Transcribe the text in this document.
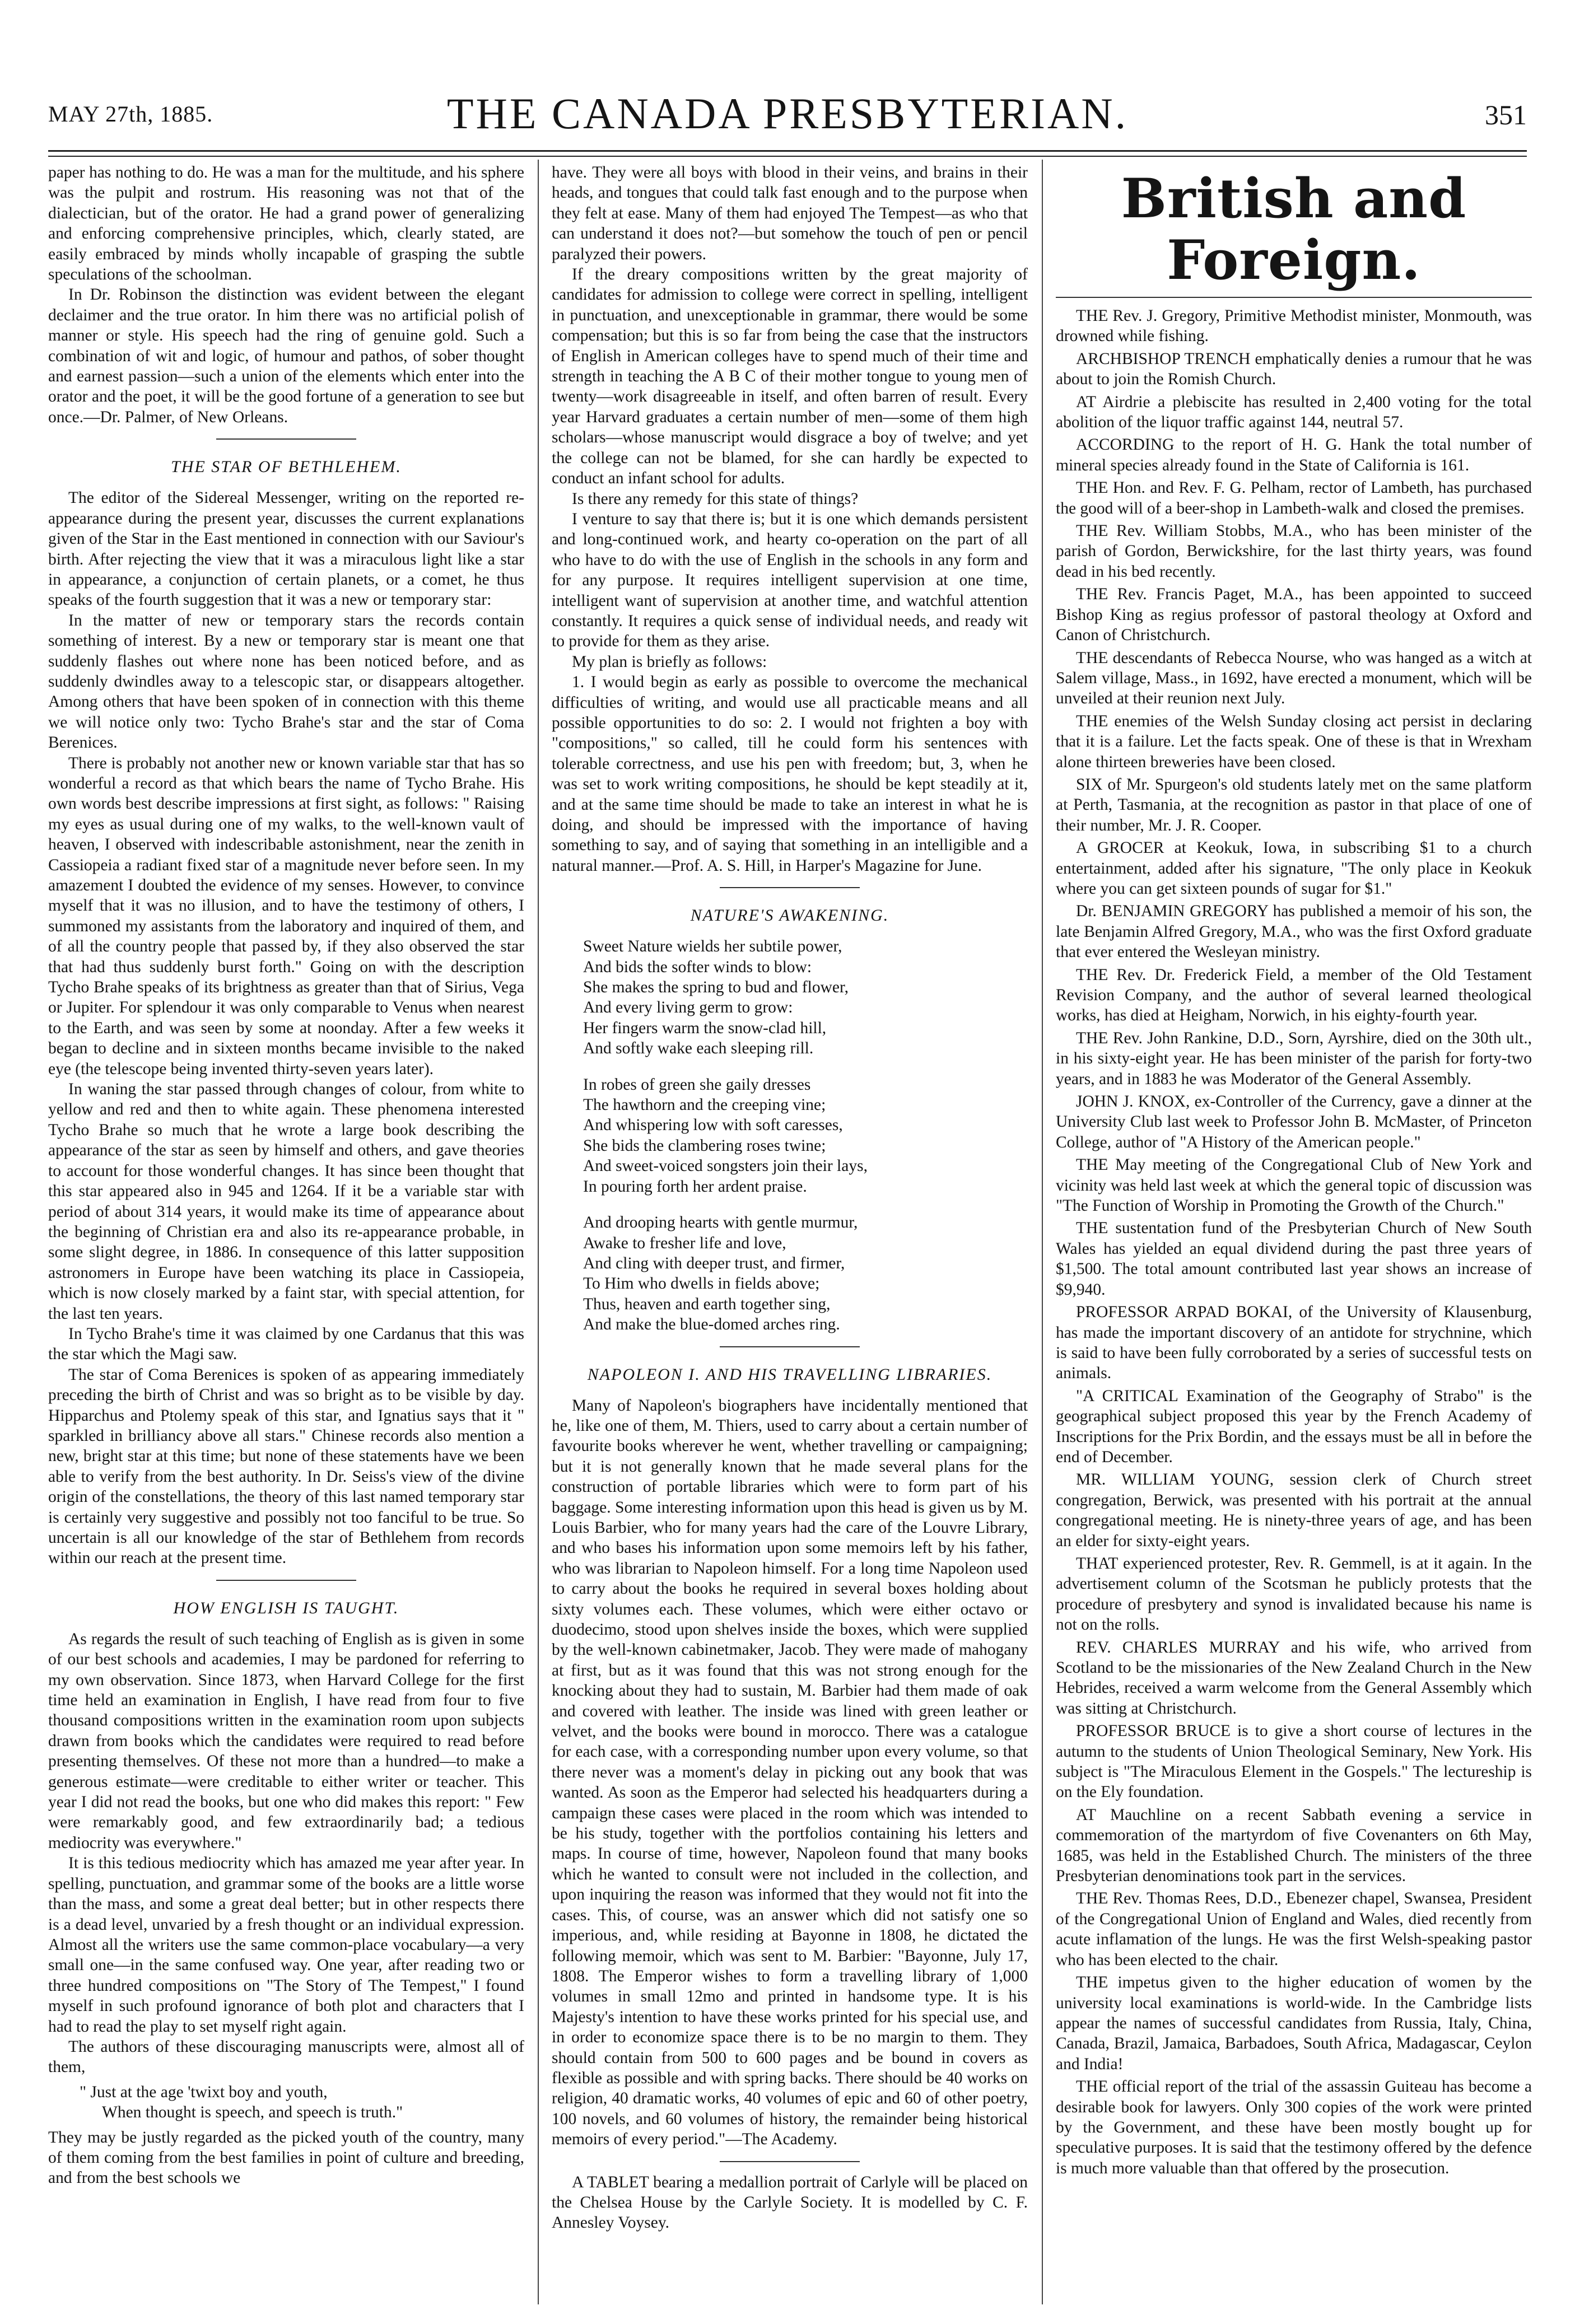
MAY 27th, 1885.	THE CANADA PRESBYTERIAN.	351

paper has nothing to do. He was a man for the multitude, and his sphere was the pulpit and rostrum. His reasoning was not that of the dialectician, but of the orator. He had a grand power of generalizing and enforcing comprehensive principles, which, clearly stated, are easily embraced by minds wholly incapable of grasping the subtle speculations of the schoolman.

In Dr. Robinson the distinction was evident between the elegant declaimer and the true orator. In him there was no artificial polish of manner or style. His speech had the ring of genuine gold. Such a combination of wit and logic, of humour and pathos, of sober thought and earnest passion—such a union of the elements which enter into the orator and the poet, it will be the good fortune of a generation to see but once.—Dr. Palmer, of New Orleans.

THE STAR OF BETHLEHEM.

The editor of the Sidereal Messenger, writing on the reported re-appearance during the present year, discusses the current explanations given of the Star in the East mentioned in connection with our Saviour's birth. After rejecting the view that it was a miraculous light like a star in appearance, a conjunction of certain planets, or a comet, he thus speaks of the fourth suggestion that it was a new or temporary star:

In the matter of new or temporary stars the records contain something of interest. By a new or temporary star is meant one that suddenly flashes out where none has been noticed before, and as suddenly dwindles away to a telescopic star, or disappears altogether. Among others that have been spoken of in connection with this theme we will notice only two: Tycho Brahe's star and the star of Coma Berenices.

There is probably not another new or known variable star that has so wonderful a record as that which bears the name of Tycho Brahe. His own words best describe impressions at first sight, as follows: " Raising my eyes as usual during one of my walks, to the well-known vault of heaven, I observed with indescribable astonishment, near the zenith in Cassiopeia a radiant fixed star of a magnitude never before seen. In my amazement I doubted the evidence of my senses. However, to convince myself that it was no illusion, and to have the testimony of others, I summoned my assistants from the laboratory and inquired of them, and of all the country people that passed by, if they also observed the star that had thus suddenly burst forth." Going on with the description Tycho Brahe speaks of its brightness as greater than that of Sirius, Vega or Jupiter. For splendour it was only comparable to Venus when nearest to the Earth, and was seen by some at noonday. After a few weeks it began to decline and in sixteen months became invisible to the naked eye (the telescope being invented thirty-seven years later).

In waning the star passed through changes of colour, from white to yellow and red and then to white again. These phenomena interested Tycho Brahe so much that he wrote a large book describing the appearance of the star as seen by himself and others, and gave theories to account for those wonderful changes. It has since been thought that this star appeared also in 945 and 1264. If it be a variable star with period of about 314 years, it would make its time of appearance about the beginning of Christian era and also its re-appearance probable, in some slight degree, in 1886. In consequence of this latter supposition astronomers in Europe have been watching its place in Cassiopeia, which is now closely marked by a faint star, with special attention, for the last ten years.

In Tycho Brahe's time it was claimed by one Cardanus that this was the star which the Magi saw.

The star of Coma Berenices is spoken of as appearing immediately preceding the birth of Christ and was so bright as to be visible by day. Hipparchus and Ptolemy speak of this star, and Ignatius says that it " sparkled in brilliancy above all stars." Chinese records also mention a new, bright star at this time; but none of these statements have we been able to verify from the best authority. In Dr. Seiss's view of the divine origin of the constellations, the theory of this last named temporary star is certainly very suggestive and possibly not too fanciful to be true. So uncertain is all our knowledge of the star of Bethlehem from records within our reach at the present time.

HOW ENGLISH IS TAUGHT.

As regards the result of such teaching of English as is given in some of our best schools and academies, I may be pardoned for referring to my own observation. Since 1873, when Harvard College for the first time held an examination in English, I have read from four to five thousand compositions written in the examination room upon subjects drawn from books which the candidates were required to read before presenting themselves. Of these not more than a hundred—to make a generous estimate—were creditable to either writer or teacher. This year I did not read the books, but one who did makes this report: " Few were remarkably good, and few extraordinarily bad; a tedious mediocrity was everywhere."

It is this tedious mediocrity which has amazed me year after year. In spelling, punctuation, and grammar some of the books are a little worse than the mass, and some a great deal better; but in other respects there is a dead level, unvaried by a fresh thought or an individual expression. Almost all the writers use the same common-place vocabulary—a very small one—in the same confused way. One year, after reading two or three hundred compositions on "The Story of The Tempest," I found myself in such profound ignorance of both plot and characters that I had to read the play to set myself right again.

The authors of these discouraging manuscripts were, almost all of them,

" Just at the age 'twixt boy and youth,
When thought is speech, and speech is truth."

They may be justly regarded as the picked youth of the country, many of them coming from the best families in point of culture and breeding, and from the best schools we

have. They were all boys with blood in their veins, and brains in their heads, and tongues that could talk fast enough and to the purpose when they felt at ease. Many of them had enjoyed The Tempest—as who that can understand it does not?—but somehow the touch of pen or pencil paralyzed their powers.

If the dreary compositions written by the great majority of candidates for admission to college were correct in spelling, intelligent in punctuation, and unexceptionable in grammar, there would be some compensation; but this is so far from being the case that the instructors of English in American colleges have to spend much of their time and strength in teaching the A B C of their mother tongue to young men of twenty—work disagreeable in itself, and often barren of result. Every year Harvard graduates a certain number of men—some of them high scholars—whose manuscript would disgrace a boy of twelve; and yet the college can not be blamed, for she can hardly be expected to conduct an infant school for adults.

Is there any remedy for this state of things?

I venture to say that there is; but it is one which demands persistent and long-continued work, and hearty co-operation on the part of all who have to do with the use of English in the schools in any form and for any purpose. It requires intelligent supervision at one time, intelligent want of supervision at another time, and watchful attention constantly. It requires a quick sense of individual needs, and ready wit to provide for them as they arise.

My plan is briefly as follows:

1. I would begin as early as possible to overcome the mechanical difficulties of writing, and would use all practicable means and all possible opportunities to do so: 2. I would not frighten a boy with "compositions," so called, till he could form his sentences with tolerable correctness, and use his pen with freedom; but, 3, when he was set to work writing compositions, he should be kept steadily at it, and at the same time should be made to take an interest in what he is doing, and should be impressed with the importance of having something to say, and of saying that something in an intelligible and a natural manner.—Prof. A. S. Hill, in Harper's Magazine for June.

NATURE'S AWAKENING.
Sweet Nature wields her subtile power,
And bids the softer winds to blow:
She makes the spring to bud and flower,
And every living germ to grow:
Her fingers warm the snow-clad hill,
And softly wake each sleeping rill.
In robes of green she gaily dresses
The hawthorn and the creeping vine;
And whispering low with soft caresses,
She bids the clambering roses twine;
And sweet-voiced songsters join their lays,
In pouring forth her ardent praise.
And drooping hearts with gentle murmur,
Awake to fresher life and love,
And cling with deeper trust, and firmer,
To Him who dwells in fields above;
Thus, heaven and earth together sing,
And make the blue-domed arches ring.
NAPOLEON I. AND HIS TRAVELLING LIBRARIES.

Many of Napoleon's biographers have incidentally mentioned that he, like one of them, M. Thiers, used to carry about a certain number of favourite books wherever he went, whether travelling or campaigning; but it is not generally known that he made several plans for the construction of portable libraries which were to form part of his baggage. Some interesting information upon this head is given us by M. Louis Barbier, who for many years had the care of the Louvre Library, and who bases his information upon some memoirs left by his father, who was librarian to Napoleon himself. For a long time Napoleon used to carry about the books he required in several boxes holding about sixty volumes each. These volumes, which were either octavo or duodecimo, stood upon shelves inside the boxes, which were supplied by the well-known cabinetmaker, Jacob. They were made of mahogany at first, but as it was found that this was not strong enough for the knocking about they had to sustain, M. Barbier had them made of oak and covered with leather. The inside was lined with green leather or velvet, and the books were bound in morocco. There was a catalogue for each case, with a corresponding number upon every volume, so that there never was a moment's delay in picking out any book that was wanted. As soon as the Emperor had selected his headquarters during a campaign these cases were placed in the room which was intended to be his study, together with the portfolios containing his letters and maps. In course of time, however, Napoleon found that many books which he wanted to consult were not included in the collection, and upon inquiring the reason was informed that they would not fit into the cases. This, of course, was an answer which did not satisfy one so imperious, and, while residing at Bayonne in 1808, he dictated the following memoir, which was sent to M. Barbier: "Bayonne, July 17, 1808. The Emperor wishes to form a travelling library of 1,000 volumes in small 12mo and printed in handsome type. It is his Majesty's intention to have these works printed for his special use, and in order to economize space there is to be no margin to them. They should contain from 500 to 600 pages and be bound in covers as flexible as possible and with spring backs. There should be 40 works on religion, 40 dramatic works, 40 volumes of epic and 60 of other poetry, 100 novels, and 60 volumes of history, the remainder being historical memoirs of every period."—The Academy.

A TABLET bearing a medallion portrait of Carlyle will be placed on the Chelsea House by the Carlyle Society. It is modelled by C. F. Annesley Voysey.

British and Foreign.

THE Rev. J. Gregory, Primitive Methodist minister, Monmouth, was drowned while fishing.

ARCHBISHOP TRENCH emphatically denies a rumour that he was about to join the Romish Church.

AT Airdrie a plebiscite has resulted in 2,400 voting for the total abolition of the liquor traffic against 144, neutral 57.

ACCORDING to the report of H. G. Hank the total number of mineral species already found in the State of California is 161.

THE Hon. and Rev. F. G. Pelham, rector of Lambeth, has purchased the good will of a beer-shop in Lambeth-walk and closed the premises.

THE Rev. William Stobbs, M.A., who has been minister of the parish of Gordon, Berwickshire, for the last thirty years, was found dead in his bed recently.

THE Rev. Francis Paget, M.A., has been appointed to succeed Bishop King as regius professor of pastoral theology at Oxford and Canon of Christchurch.

THE descendants of Rebecca Nourse, who was hanged as a witch at Salem village, Mass., in 1692, have erected a monument, which will be unveiled at their reunion next July.

THE enemies of the Welsh Sunday closing act persist in declaring that it is a failure. Let the facts speak. One of these is that in Wrexham alone thirteen breweries have been closed.

SIX of Mr. Spurgeon's old students lately met on the same platform at Perth, Tasmania, at the recognition as pastor in that place of one of their number, Mr. J. R. Cooper.

A GROCER at Keokuk, Iowa, in subscribing $1 to a church entertainment, added after his signature, "The only place in Keokuk where you can get sixteen pounds of sugar for $1."

Dr. BENJAMIN GREGORY has published a memoir of his son, the late Benjamin Alfred Gregory, M.A., who was the first Oxford graduate that ever entered the Wesleyan ministry.

THE Rev. Dr. Frederick Field, a member of the Old Testament Revision Company, and the author of several learned theological works, has died at Heigham, Norwich, in his eighty-fourth year.

THE Rev. John Rankine, D.D., Sorn, Ayrshire, died on the 30th ult., in his sixty-eight year. He has been minister of the parish for forty-two years, and in 1883 he was Moderator of the General Assembly.

JOHN J. KNOX, ex-Controller of the Currency, gave a dinner at the University Club last week to Professor John B. McMaster, of Princeton College, author of "A History of the American people."

THE May meeting of the Congregational Club of New York and vicinity was held last week at which the general topic of discussion was "The Function of Worship in Promoting the Growth of the Church."

THE sustentation fund of the Presbyterian Church of New South Wales has yielded an equal dividend during the past three years of $1,500. The total amount contributed last year shows an increase of $9,940.

PROFESSOR ARPAD BOKAI, of the University of Klausenburg, has made the important discovery of an antidote for strychnine, which is said to have been fully corroborated by a series of successful tests on animals.

"A CRITICAL Examination of the Geography of Strabo" is the geographical subject proposed this year by the French Academy of Inscriptions for the Prix Bordin, and the essays must be all in before the end of December.

MR. WILLIAM YOUNG, session clerk of Church street congregation, Berwick, was presented with his portrait at the annual congregational meeting. He is ninety-three years of age, and has been an elder for sixty-eight years.

THAT experienced protester, Rev. R. Gemmell, is at it again. In the advertisement column of the Scotsman he publicly protests that the procedure of presbytery and synod is invalidated because his name is not on the rolls.

REV. CHARLES MURRAY and his wife, who arrived from Scotland to be the missionaries of the New Zealand Church in the New Hebrides, received a warm welcome from the General Assembly which was sitting at Christchurch.

PROFESSOR BRUCE is to give a short course of lectures in the autumn to the students of Union Theological Seminary, New York. His subject is "The Miraculous Element in the Gospels." The lectureship is on the Ely foundation.

AT Mauchline on a recent Sabbath evening a service in commemoration of the martyrdom of five Covenanters on 6th May, 1685, was held in the Established Church. The ministers of the three Presbyterian denominations took part in the services.

THE Rev. Thomas Rees, D.D., Ebenezer chapel, Swansea, President of the Congregational Union of England and Wales, died recently from acute inflamation of the lungs. He was the first Welsh-speaking pastor who has been elected to the chair.

THE impetus given to the higher education of women by the university local examinations is world-wide. In the Cambridge lists appear the names of successful candidates from Russia, Italy, China, Canada, Brazil, Jamaica, Barbadoes, South Africa, Madagascar, Ceylon and India!

THE official report of the trial of the assassin Guiteau has become a desirable book for lawyers. Only 300 copies of the work were printed by the Government, and these have been mostly bought up for speculative purposes. It is said that the testimony offered by the defence is much more valuable than that offered by the prosecution.
